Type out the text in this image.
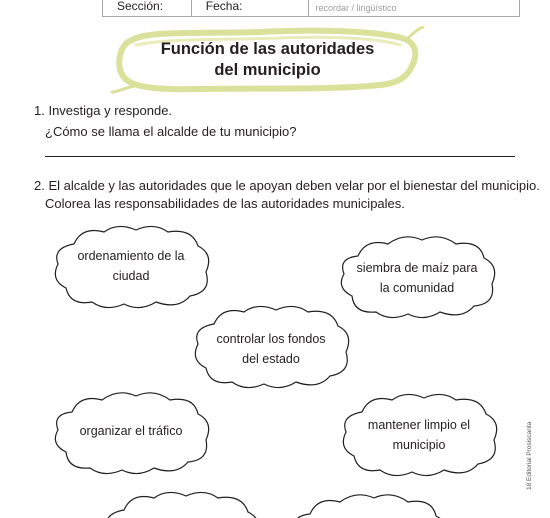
Sección:	Fecha:	recordar / lingüístico
Función de las autoridades
del municipio
1. Investiga y responde.
¿Cómo se llama el alcalde de tu municipio?
2. El alcalde y las autoridades que le apoyan deben velar por el bienestar del municipio.
Colorea las responsabilidades de las autoridades municipales.
ordenamiento de la
ciudad
siembra de maíz para
la comunidad
controlar los fondos
del estado
organizar el tráfico	mantener limpio el
municipio	18 Editorial Prosiscanta
